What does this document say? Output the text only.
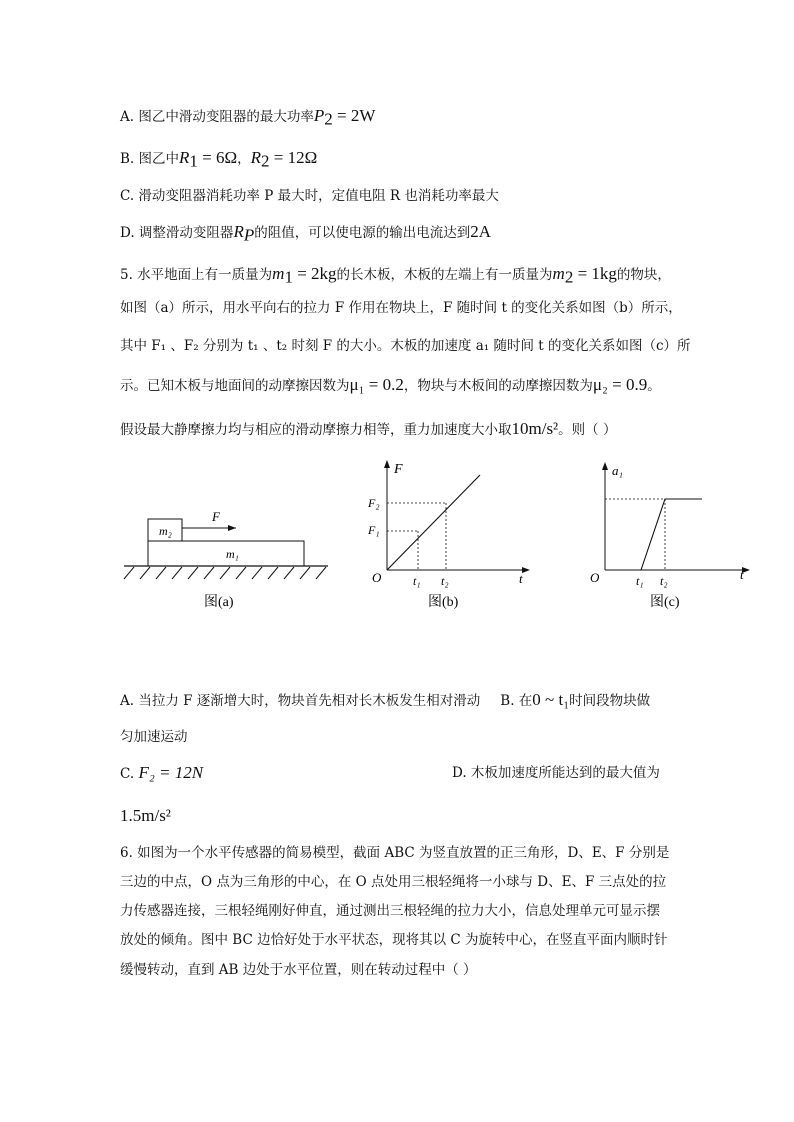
A. 图乙中滑动变阻器的最大功率$P_2 = 2W$
B. 图乙中$R_1 = 6\Omega$，$R_2 = 12\Omega$
C. 滑动变阻器消耗功率 P 最大时，定值电阻 R 也消耗功率最大
D. 调整滑动变阻器$R_P$的阻值，可以使电源的输出电流达到2A
5. 水平地面上有一质量为$m_1 = 2kg$的长木板，木板的左端上有一质量为$m_2 = 1kg$的物块，
如图（a）所示，用水平向右的拉力 F 作用在物块上，F 随时间 t 的变化关系如图（b）所示，
其中 F₁ 、F₂ 分别为 t₁ 、t₂ 时刻 F 的大小。木板的加速度 a₁ 随时间 t 的变化关系如图（c）所
示。已知木板与地面间的动摩擦因数为μ₁ = 0.2，物块与木板间的动摩擦因数为μ₂ = 0.9。
假设最大静摩擦力均与相应的滑动摩擦力相等，重力加速度大小取10m/s²。则（ ）
m₂
m₁
F
图(a)
F
t
O
F₂
F₁
t₁ t₂
图(b)
a₁
t
O	t₁ t₂
图(c)
A. 当拉力 F 逐渐增大时，物块首先相对长木板发生相对滑动 B. 在0 ~ t₁时间段物块做
匀加速运动
C. F₂ = 12N	D. 木板加速度所能达到的最大值为
1.5m/s²
6. 如图为一个水平传感器的简易模型，截面 ABC 为竖直放置的正三角形，D、E、F 分别是
三边的中点，O 点为三角形的中心，在 O 点处用三根轻绳将一小球与 D、E、F 三点处的拉
力传感器连接，三根轻绳刚好伸直，通过测出三根轻绳的拉力大小，信息处理单元可显示摆
放处的倾角。图中 BC 边恰好处于水平状态，现将其以 C 为旋转中心，在竖直平面内顺时针
缓慢转动，直到 AB 边处于水平位置，则在转动过程中（ ）
